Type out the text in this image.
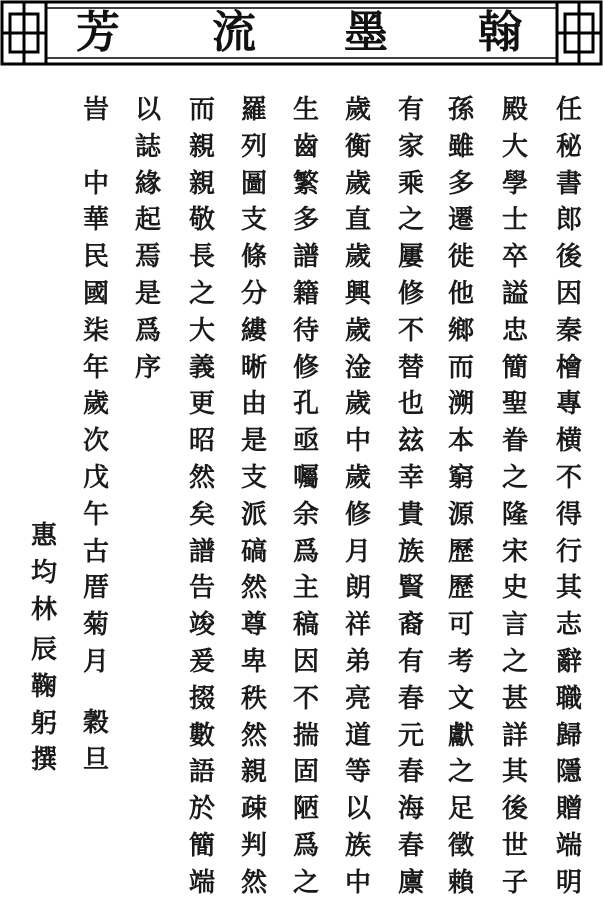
翰
墨
流
芳
任
秘
書
郎
後
因
秦
檜
專
横
不
得
行
其
志
辭
職
歸
隱
贈
端
明
殿
大
學
士
卒
謚
忠
簡
聖
眷
之
隆
宋
史
言
之
甚
詳
其
後
世
子
孫
雖
多
遷
徙
他
鄉
而
溯
本
窮
源
歷
歷
可
考
文
獻
之
足
徵
賴
有
家
乘
之
屢
修
不
替
也
玆
幸
貴
族
賢
裔
有
春
元
春
海
春
廪
歲
衡
歲
直
歲
興
歲
淦
歲
中
歲
修
月
朗
祥
弟
亮
道
等
以
族
中
生
齒
繁
多
譜
籍
待
修
孔
亟
囑
余
爲
主
稿
因
不
揣
固
陋
爲
之
羅
列
圖
支
條
分
縷
晰
由
是
支
派
碻
然
尊
卑
秩
然
親
疎
判
然
而
親
親
敬
長
之
大
義
更
昭
然
矣
譜
告
竣
爰
掇
數
語
於
簡
端
以
誌
緣
起
焉
是
爲
序
旹

中
華
民
國
柒
年
歲
次
戊
午
古
厝
菊
月
穀
旦
惠
均
林
辰
鞠
躬
撰
